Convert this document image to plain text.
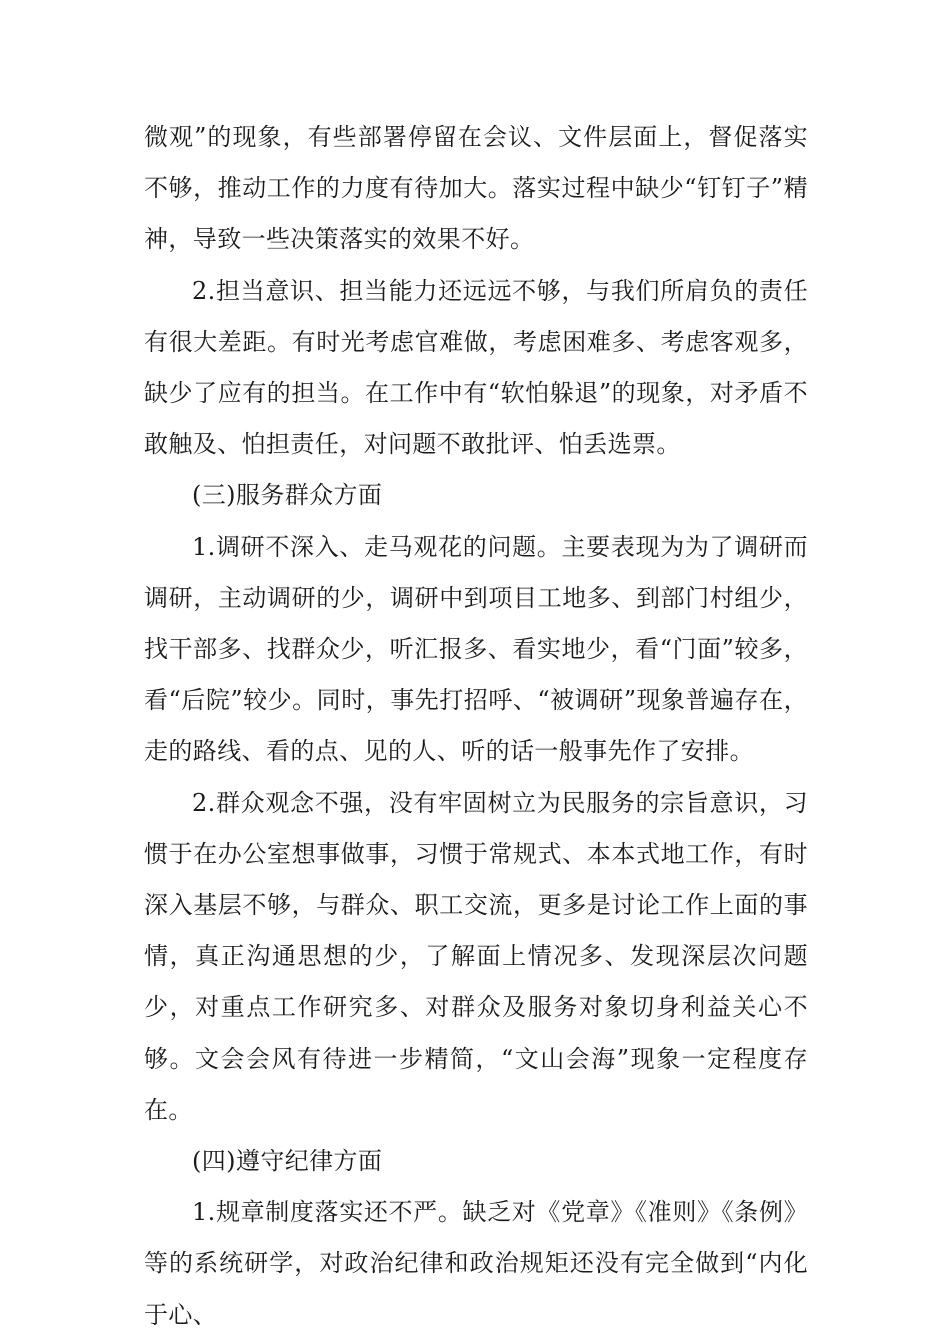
微观”的现象，有些部署停留在会议、文件层面上，督促落实不够，推动工作的力度有待加大。落实过程中缺少“钉钉子”精神，导致一些决策落实的效果不好。

2.担当意识、担当能力还远远不够，与我们所肩负的责任有很大差距。有时光考虑官难做，考虑困难多、考虑客观多，缺少了应有的担当。在工作中有“软怕躲退”的现象，对矛盾不敢触及、怕担责任，对问题不敢批评、怕丢选票。

(三)服务群众方面

1.调研不深入、走马观花的问题。主要表现为为了调研而调研，主动调研的少，调研中到项目工地多、到部门村组少，找干部多、找群众少，听汇报多、看实地少，看“门面”较多，看“后院”较少。同时，事先打招呼、“被调研”现象普遍存在，走的路线、看的点、见的人、听的话一般事先作了安排。

2.群众观念不强，没有牢固树立为民服务的宗旨意识，习惯于在办公室想事做事，习惯于常规式、本本式地工作，有时深入基层不够，与群众、职工交流，更多是讨论工作上面的事情，真正沟通思想的少，了解面上情况多、发现深层次问题少，对重点工作研究多、对群众及服务对象切身利益关心不够。文会会风有待进一步精简，“文山会海”现象一定程度存在。

(四)遵守纪律方面

1.规章制度落实还不严。缺乏对《党章》《准则》《条例》等的系统研学，对政治纪律和政治规矩还没有完全做到“内化于心、
